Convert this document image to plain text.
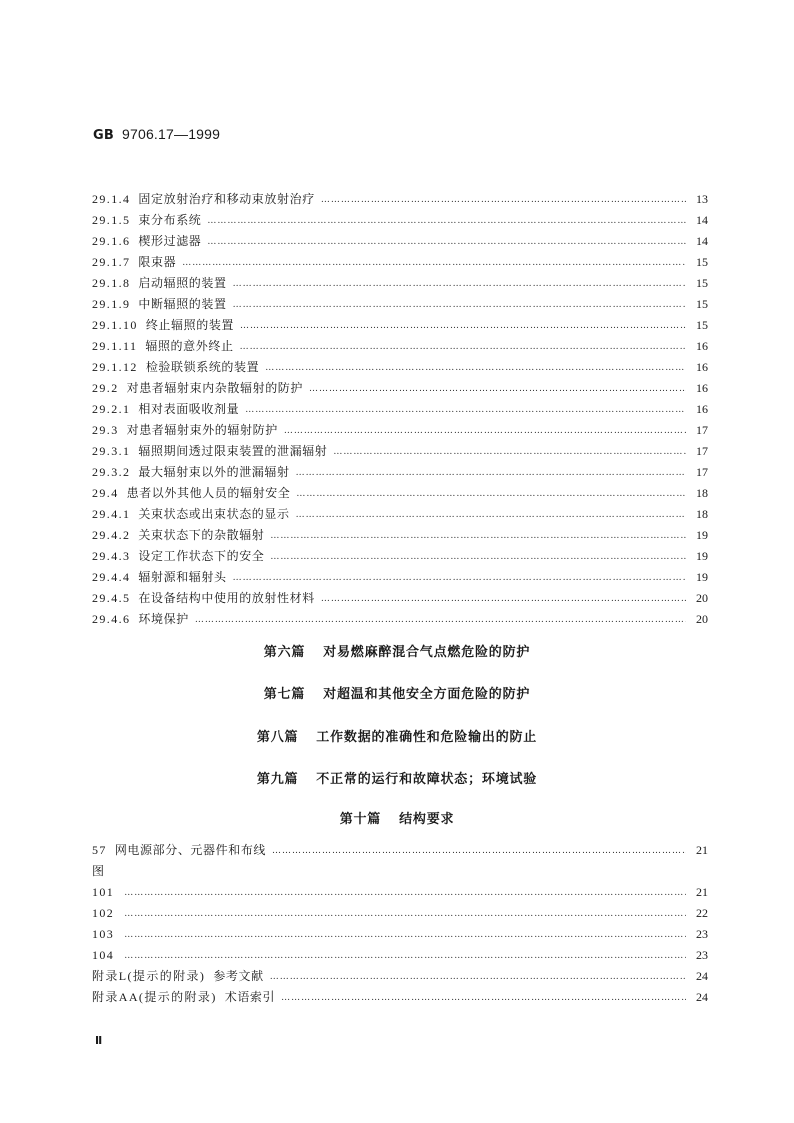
GB 9706.17—1999
29.1.4 固定放射治疗和移动束放射治疗 ……………………………………………………………………………………………………………………………………………………………………………………………………………………………………	13
29.1.5 束分布系统 ……………………………………………………………………………………………………………………………………………………………………………………………………………………………………	14
29.1.6 楔形过滤器 ……………………………………………………………………………………………………………………………………………………………………………………………………………………………………	14
29.1.7 限束器 ……………………………………………………………………………………………………………………………………………………………………………………………………………………………………	15
29.1.8 启动辐照的装置 ……………………………………………………………………………………………………………………………………………………………………………………………………………………………………	15
29.1.9 中断辐照的装置 ……………………………………………………………………………………………………………………………………………………………………………………………………………………………………	15
29.1.10 终止辐照的装置 ……………………………………………………………………………………………………………………………………………………………………………………………………………………………………	15
29.1.11 辐照的意外终止 ……………………………………………………………………………………………………………………………………………………………………………………………………………………………………	16
29.1.12 检验联锁系统的装置 ……………………………………………………………………………………………………………………………………………………………………………………………………………………………………	16
29.2 对患者辐射束内杂散辐射的防护 ……………………………………………………………………………………………………………………………………………………………………………………………………………………………………	16
29.2.1 相对表面吸收剂量 ……………………………………………………………………………………………………………………………………………………………………………………………………………………………………	16
29.3 对患者辐射束外的辐射防护 ……………………………………………………………………………………………………………………………………………………………………………………………………………………………………	17
29.3.1 辐照期间透过限束装置的泄漏辐射 ……………………………………………………………………………………………………………………………………………………………………………………………………………………………………	17
29.3.2 最大辐射束以外的泄漏辐射 ……………………………………………………………………………………………………………………………………………………………………………………………………………………………………	17
29.4 患者以外其他人员的辐射安全 ……………………………………………………………………………………………………………………………………………………………………………………………………………………………………	18
29.4.1 关束状态或出束状态的显示 ……………………………………………………………………………………………………………………………………………………………………………………………………………………………………	18
29.4.2 关束状态下的杂散辐射 ……………………………………………………………………………………………………………………………………………………………………………………………………………………………………	19
29.4.3 设定工作状态下的安全 ……………………………………………………………………………………………………………………………………………………………………………………………………………………………………	19
29.4.4 辐射源和辐射头 ……………………………………………………………………………………………………………………………………………………………………………………………………………………………………	19
29.4.5 在设备结构中使用的放射性材料 ……………………………………………………………………………………………………………………………………………………………………………………………………………………………………	20
29.4.6 环境保护 ……………………………………………………………………………………………………………………………………………………………………………………………………………………………………	20
第六篇 对易燃麻醉混合气点燃危险的防护
第七篇 对超温和其他安全方面危险的防护
第八篇 工作数据的准确性和危险输出的防止
第九篇 不正常的运行和故障状态；环境试验
第十篇 结构要求
57 网电源部分、元器件和布线 ……………………………………………………………………………………………………………………………………………………………………………………………………………………………………	21
图
101 ……………………………………………………………………………………………………………………………………………………………………………………………………………………………………	21
102 ……………………………………………………………………………………………………………………………………………………………………………………………………………………………………	22
103 ……………………………………………………………………………………………………………………………………………………………………………………………………………………………………	23
104 ……………………………………………………………………………………………………………………………………………………………………………………………………………………………………	23
附录L(提示的附录) 参考文献 ……………………………………………………………………………………………………………………………………………………………………………………………………………………………………	24
附录AA(提示的附录) 术语索引 ……………………………………………………………………………………………………………………………………………………………………………………………………………………………………	24
Ⅱ
